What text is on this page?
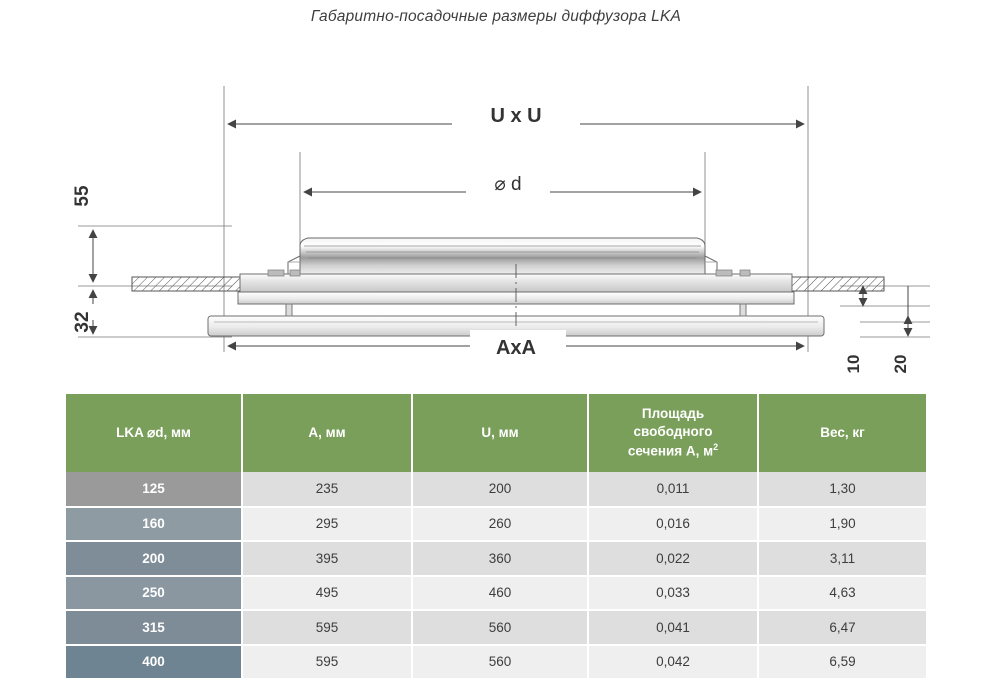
Габаритно-посадочные размеры диффузора LKA
U x U
⌀ d
AxA
55
32
10 20
LKA ⌀d, мм	A, мм	U, мм	Площадь
свободного
сечения А, $м^2$	Вес, кг
125	235	200	0,011	1,30
160	295	260	0,016	1,90
200	395	360	0,022	3,11
250	495	460	0,033	4,63
315	595	560	0,041	6,47
400	595	560	0,042	6,59
